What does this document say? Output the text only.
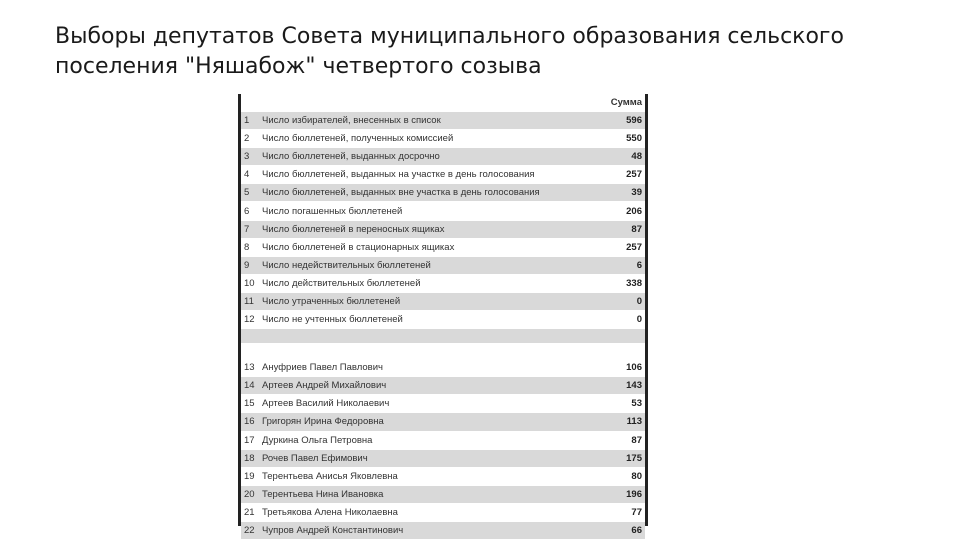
Выборы депутатов Совета муниципального образования сельского
поселения "Няшабож" четвертого созыва
		Сумма
1	Число избирателей, внесенных в список	596
2	Число бюллетеней, полученных комиссией	550
3	Число бюллетеней, выданных досрочно	48
4	Число бюллетеней, выданных на участке в день голосования	257
5	Число бюллетеней, выданных вне участка в день голосования	39
6	Число погашенных бюллетеней	206
7	Число бюллетеней в переносных ящиках	87
8	Число бюллетеней в стационарных ящиках	257
9	Число недействительных бюллетеней	6
10	Число действительных бюллетеней	338
11	Число утраченных бюллетеней	0
12	Число не учтенных бюллетеней	0

13	Ануфриев Павел Павлович	106
14	Артеев Андрей Михайлович	143
15	Артеев Василий Николаевич	53
16	Григорян Ирина Федоровна	113
17	Дуркина Ольга Петровна	87
18	Рочев Павел Ефимович	175
19	Терентьева Анисья Яковлевна	80
20	Терентьева Нина Ивановка	196
21	Третьякова Алена Николаевна	77
22	Чупров Андрей Константинович	66
